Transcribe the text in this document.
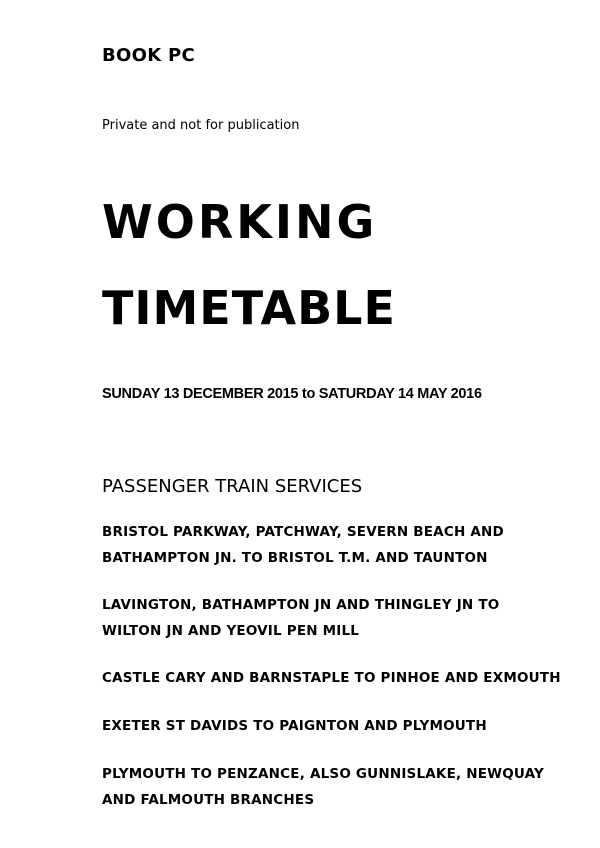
BOOK PC
Private and not for publication
WORKING
TIMETABLE
SUNDAY 13 DECEMBER 2015 to SATURDAY 14 MAY 2016
PASSENGER TRAIN SERVICES
BRISTOL PARKWAY, PATCHWAY, SEVERN BEACH AND
BATHAMPTON JN. TO BRISTOL T.M. AND TAUNTON
LAVINGTON, BATHAMPTON JN AND THINGLEY JN TO
WILTON JN AND YEOVIL PEN MILL
CASTLE CARY AND BARNSTAPLE TO PINHOE AND EXMOUTH
EXETER ST DAVIDS TO PAIGNTON AND PLYMOUTH
PLYMOUTH TO PENZANCE, ALSO GUNNISLAKE, NEWQUAY
AND FALMOUTH BRANCHES
